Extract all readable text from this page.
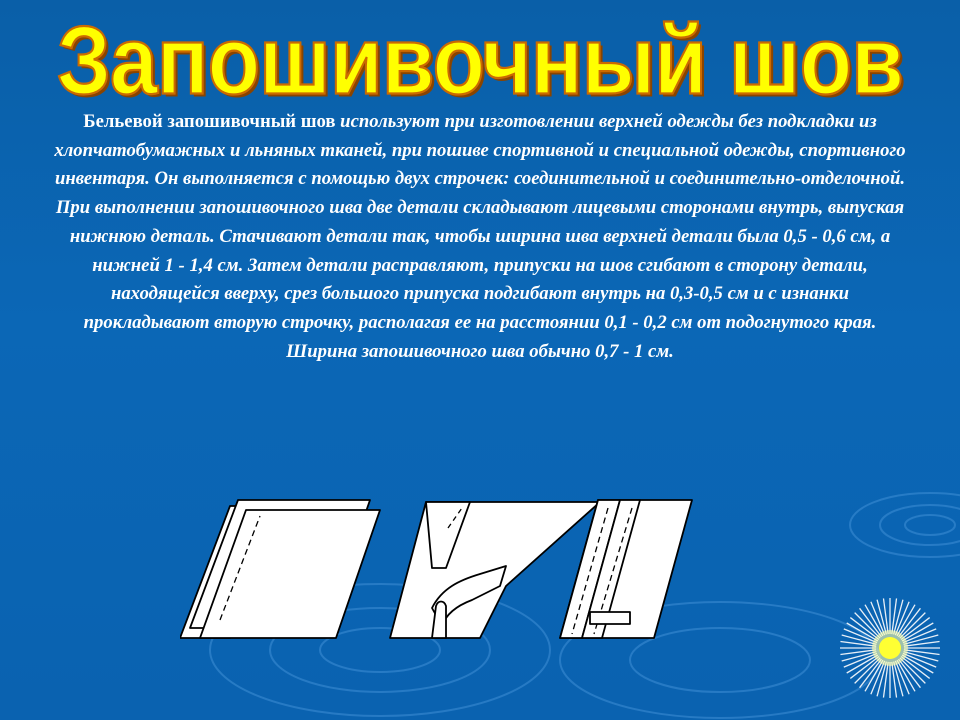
Запошивочный шов

Бельевой запошивочный шов используют при изготовлении верхней одежды без подкладки из хлопчатобумажных и льняных тканей, при пошиве спортивной и специальной одежды, спортивного инвентаря. Он выполняется с помощью двух строчек: соединительной и соединительно-отделочной.

При выполнении запошивочного шва две детали складывают лицевыми сторонами внутрь, выпуская нижнюю деталь. Стачивают детали так, чтобы ширина шва верхней детали была 0,5 - 0,6 см, а нижней 1 - 1,4 см. Затем детали расправляют, припуски на шов сгибают в сторону детали, находящейся вверху, срез большого припуска подгибают внутрь на 0,3-0,5 см и с изнанки прокладывают вторую строчку, располагая ее на расстоянии 0,1 - 0,2 см от подогнутого края. Ширина запошивочного шва обычно 0,7 - 1 см.
